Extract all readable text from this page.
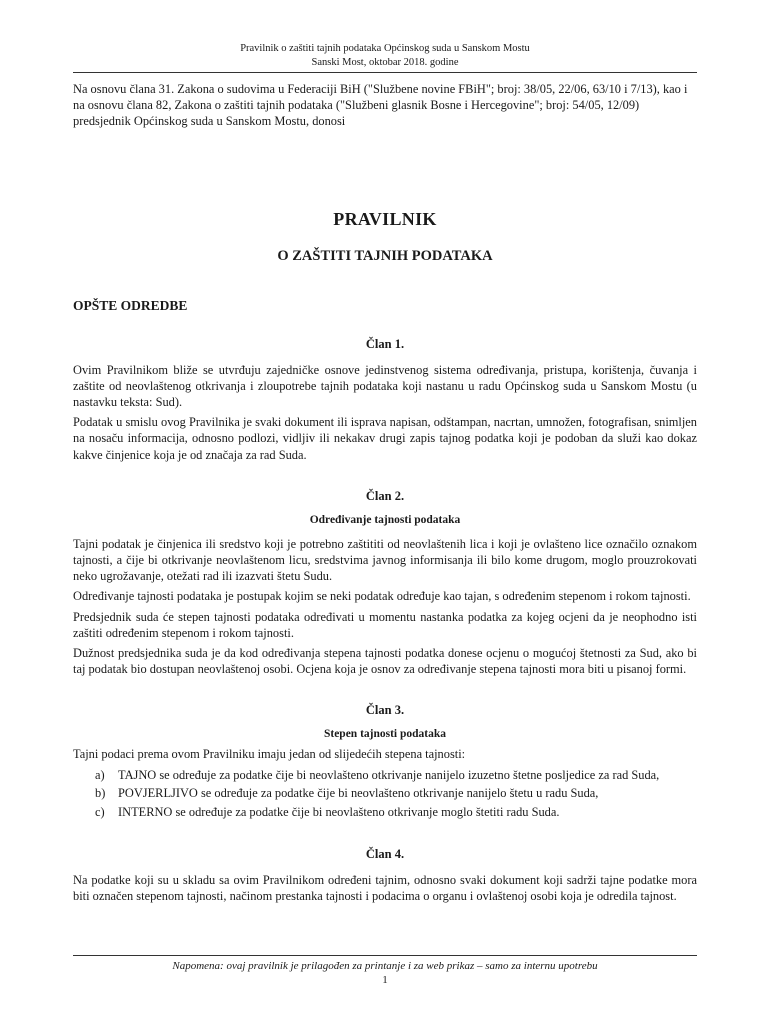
Pravilnik o zaštiti tajnih podataka Općinskog suda u Sanskom Mostu
Sanski Most, oktobar 2018. godine

Na osnovu člana 31. Zakona o sudovima u Federaciji BiH ("Službene novine FBiH"; broj: 38/05, 22/06, 63/10 i 7/13), kao i na osnovu člana 82, Zakona o zaštiti tajnih podataka ("Službeni glasnik Bosne i Hercegovine"; broj: 54/05, 12/09) predsjednik Općinskog suda u Sanskom Mostu, donosi

PRAVILNIK
O ZAŠTITI TAJNIH PODATAKA
OPŠTE ODREDBE
Član 1.

Ovim Pravilnikom bliže se utvrđuju zajedničke osnove jedinstvenog sistema određivanja, pristupa, korištenja, čuvanja i zaštite od neovlaštenog otkrivanja i zloupotrebe tajnih podataka koji nastanu u radu Općinskog suda u Sanskom Mostu (u nastavku teksta: Sud).

Podatak u smislu ovog Pravilnika je svaki dokument ili isprava napisan, odštampan, nacrtan, umnožen, fotografisan, snimljen na nosaču informacija, odnosno podlozi, vidljiv ili nekakav drugi zapis tajnog podatka koji je podoban da služi kao dokaz kakve činjenice koja je od značaja za rad Suda.

Član 2.
Određivanje tajnosti podataka

Tajni podatak je činjenica ili sredstvo koji je potrebno zaštititi od neovlaštenih lica i koji je ovlašteno lice označilo oznakom tajnosti, a čije bi otkrivanje neovlaštenom licu, sredstvima javnog informisanja ili bilo kome drugom, moglo prouzrokovati neko ugrožavanje, otežati rad ili izazvati štetu Sudu.

Određivanje tajnosti podataka je postupak kojim se neki podatak određuje kao tajan, s određenim stepenom i rokom tajnosti.

Predsjednik suda će stepen tajnosti podataka određivati u momentu nastanka podatka za kojeg ocjeni da je neophodno isti zaštiti određenim stepenom i rokom tajnosti.

Dužnost predsjednika suda je da kod određivanja stepena tajnosti podatka donese ocjenu o mogućoj štetnosti za Sud, ako bi taj podatak bio dostupan neovlaštenoj osobi. Ocjena koja je osnov za određivanje stepena tajnosti mora biti u pisanoj formi.

Član 3.
Stepen tajnosti podataka

Tajni podaci prema ovom Pravilniku imaju jedan od slijedećih stepena tajnosti:

a)	TAJNO se određuje za podatke čije bi neovlašteno otkrivanje nanijelo izuzetno štetne posljedice za rad Suda,
b)	POVJERLJIVO se određuje za podatke čije bi neovlašteno otkrivanje nanijelo štetu u radu Suda,
c)	INTERNO se određuje za podatke čije bi neovlašteno otkrivanje moglo štetiti radu Suda.
Član 4.

Na podatke koji su u skladu sa ovim Pravilnikom određeni tajnim, odnosno svaki dokument koji sadrži tajne podatke mora biti označen stepenom tajnosti, načinom prestanka tajnosti i podacima o organu i ovlaštenoj osobi koja je odredila tajnost.

Napomena: ovaj pravilnik je prilagođen za printanje i za web prikaz – samo za internu upotrebu
1
